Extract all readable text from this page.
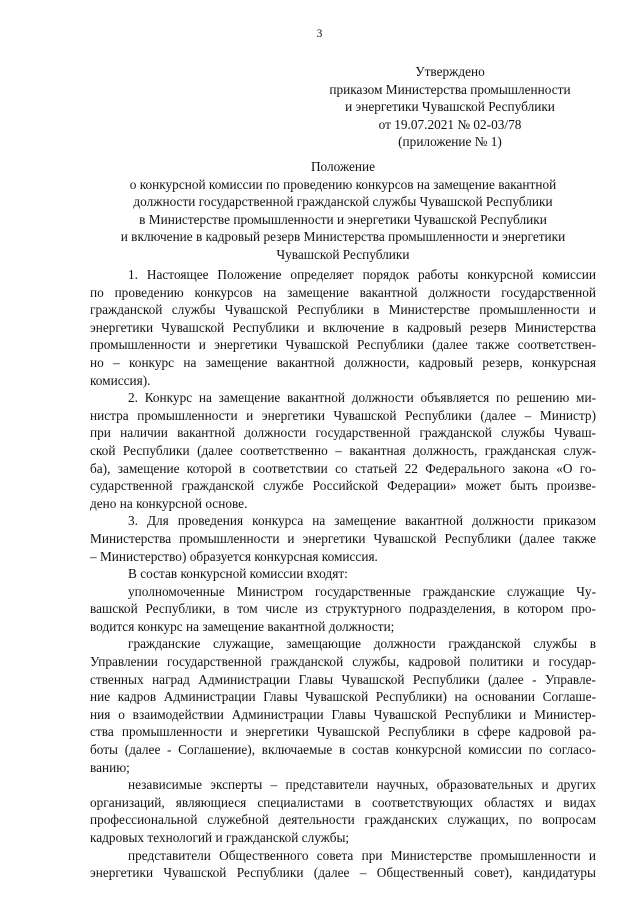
3
Утверждено
приказом Министерства промышленности
и энергетики Чувашской Республики
от 19.07.2021 № 02-03/78
(приложение № 1)
Положение
о конкурсной комиссии по проведению конкурсов на замещение вакантной
должности государственной гражданской службы Чувашской Республики
в Министерстве промышленности и энергетики Чувашской Республики
и включение в кадровый резерв Министерства промышленности и энергетики
Чувашской Республики
1. Настоящее Положение определяет порядок работы конкурсной комиссии
по проведению конкурсов на замещение вакантной должности государственной
гражданской службы Чувашской Республики в Министерстве промышленности и
энергетики Чувашской Республики и включение в кадровый резерв Министерства
промышленности и энергетики Чувашской Республики (далее также соответствен-
но – конкурс на замещение вакантной должности, кадровый резерв, конкурсная
комиссия).
2. Конкурс на замещение вакантной должности объявляется по решению ми-
нистра промышленности и энергетики Чувашской Республики (далее – Министр)
при наличии вакантной должности государственной гражданской службы Чуваш-
ской Республики (далее соответственно – вакантная должность, гражданская служ-
ба), замещение которой в соответствии со статьей 22 Федерального закона «О го-
сударственной гражданской службе Российской Федерации» может быть произве-
дено на конкурсной основе.
3. Для проведения конкурса на замещение вакантной должности приказом
Министерства промышленности и энергетики Чувашской Республики (далее также
– Министерство) образуется конкурсная комиссия.
В состав конкурсной комиссии входят:
уполномоченные Министром государственные гражданские служащие Чу-
вашской Республики, в том числе из структурного подразделения, в котором про-
водится конкурс на замещение вакантной должности;
гражданские служащие, замещающие должности гражданской службы в
Управлении государственной гражданской службы, кадровой политики и государ-
ственных наград Администрации Главы Чувашской Республики (далее - Управле-
ние кадров Администрации Главы Чувашской Республики) на основании Соглаше-
ния о взаимодействии Администрации Главы Чувашской Республики и Министер-
ства промышленности и энергетики Чувашской Республики в сфере кадровой ра-
боты (далее - Соглашение), включаемые в состав конкурсной комиссии по согласо-
ванию;
независимые эксперты – представители научных, образовательных и других
организаций, являющиеся специалистами в соответствующих областях и видах
профессиональной служебной деятельности гражданских служащих, по вопросам
кадровых технологий и гражданской службы;
представители Общественного совета при Министерстве промышленности и
энергетики Чувашской Республики (далее – Общественный совет), кандидатуры
